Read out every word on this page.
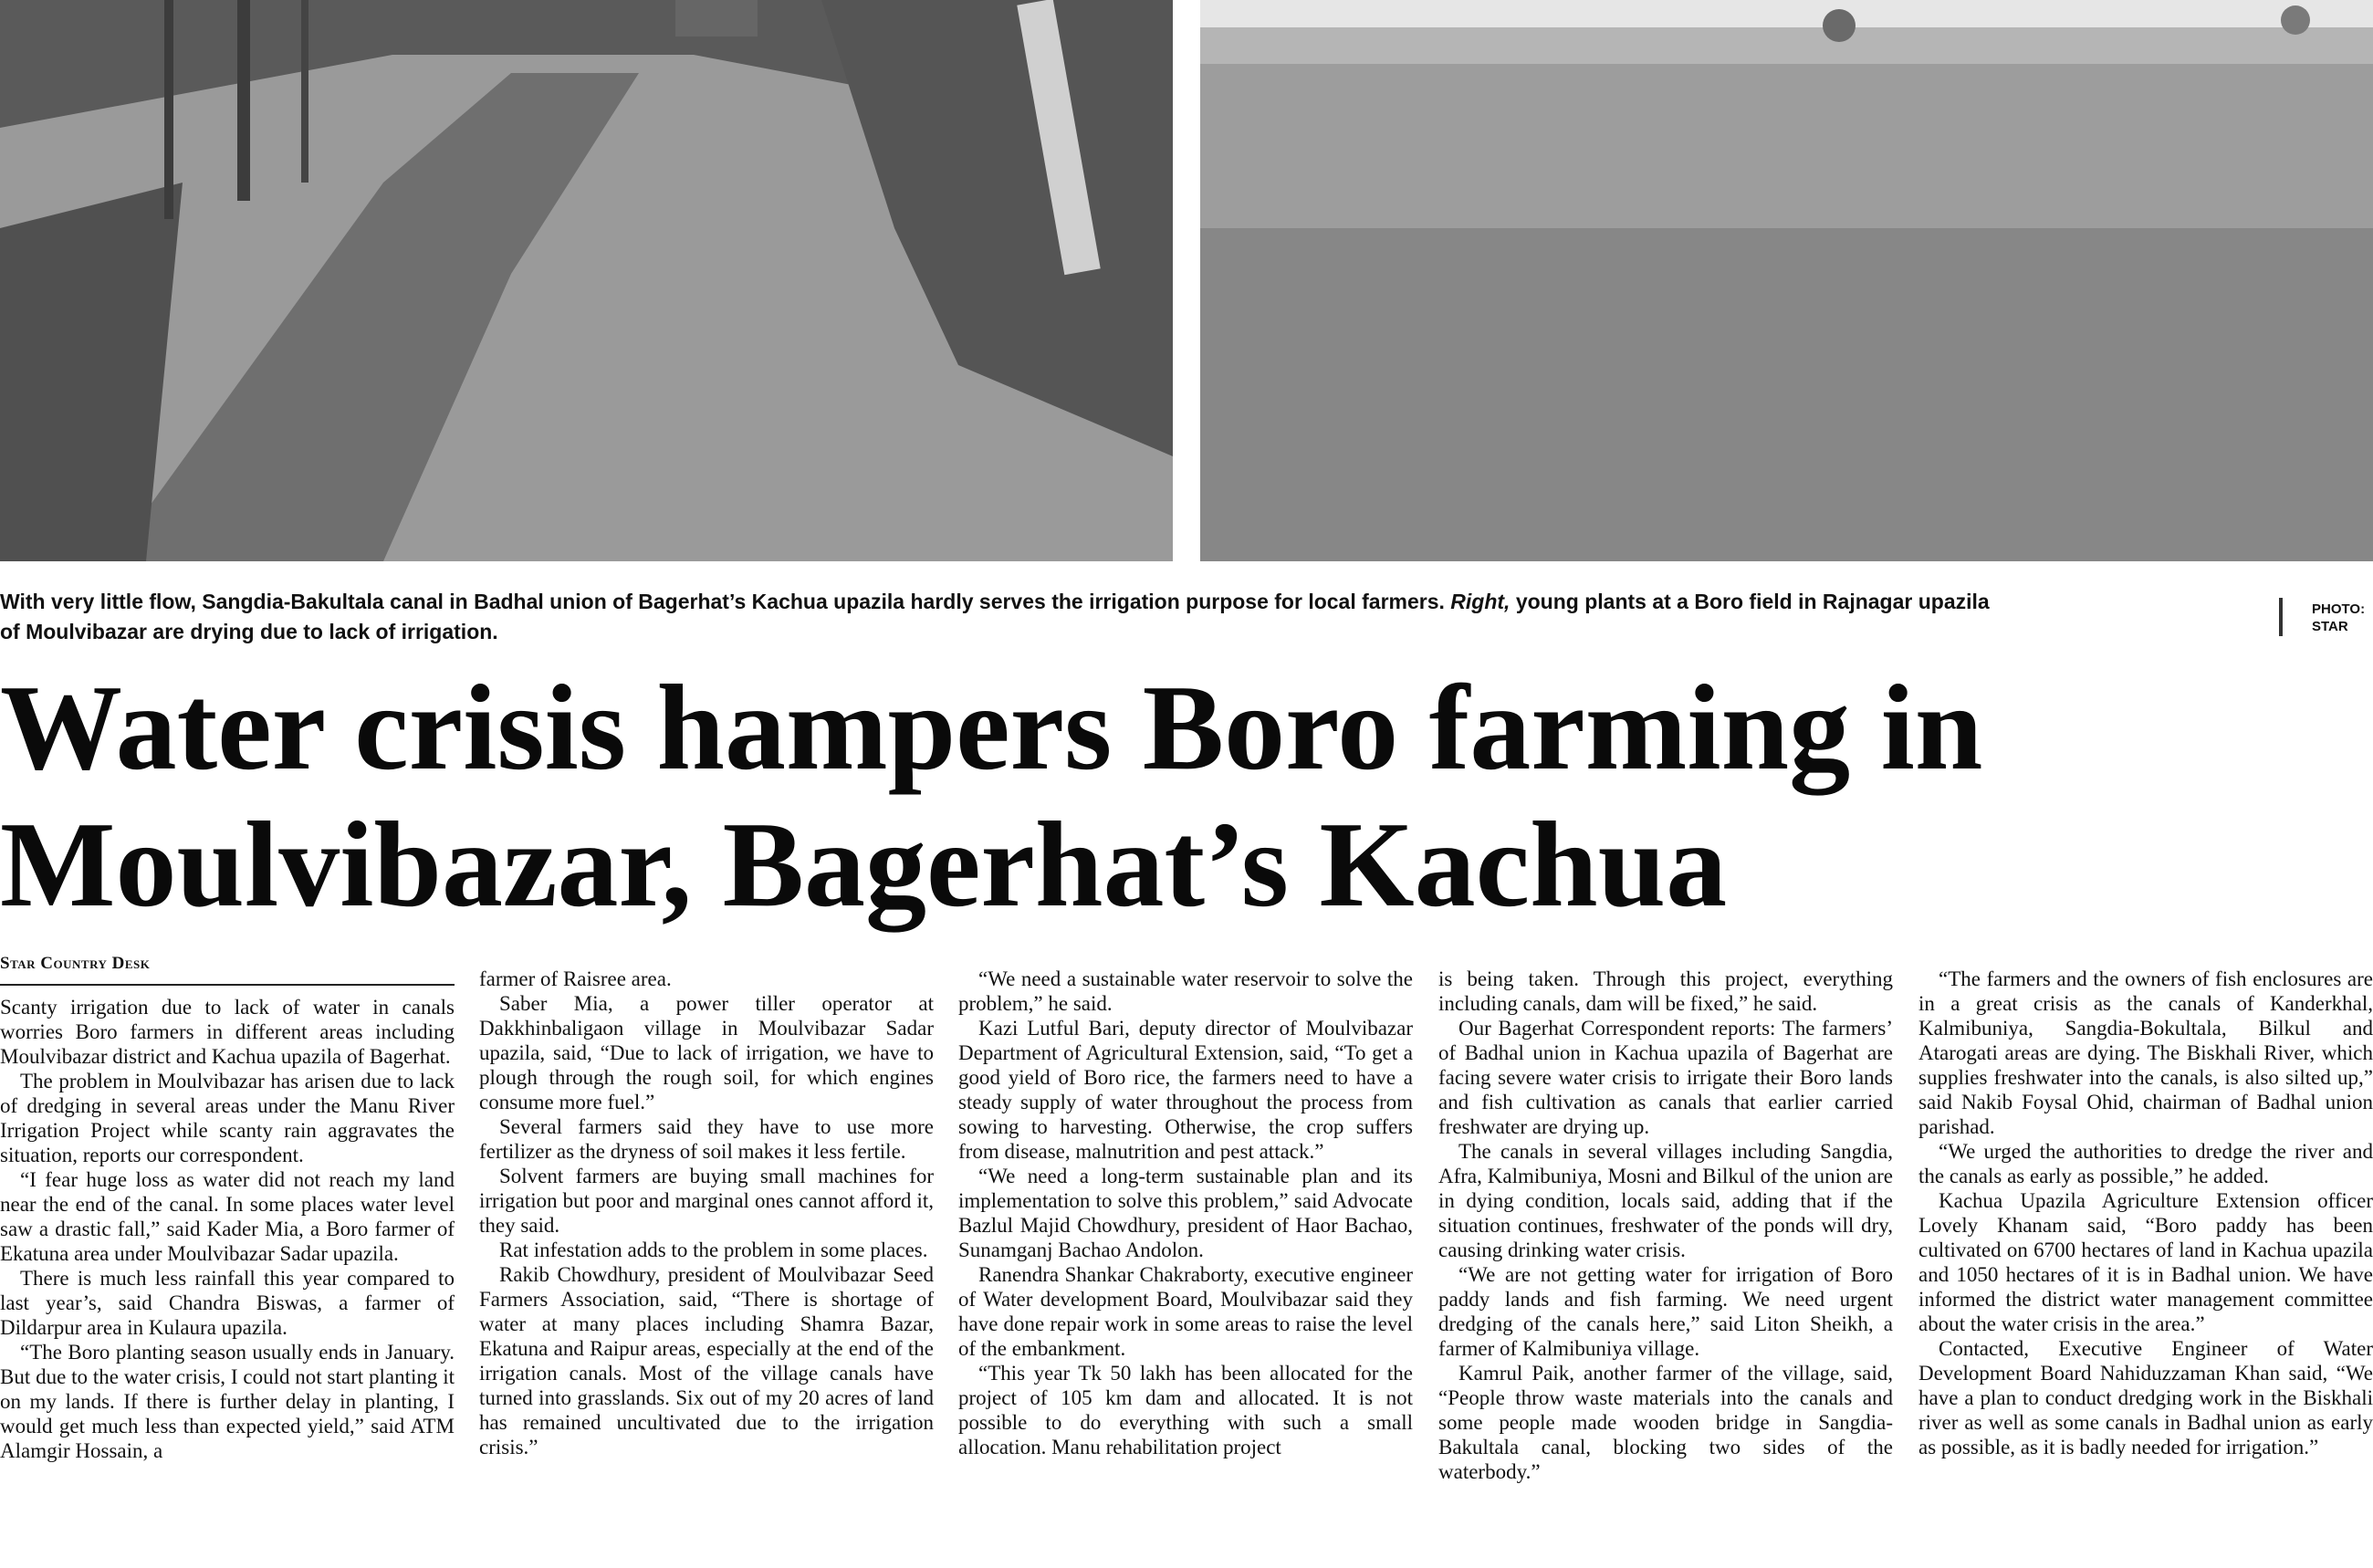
With very little flow, Sangdia-Bakultala canal in Badhal union of Bagerhat’s Kachua upazila hardly serves the irrigation purpose for local farmers. Right, young plants at a Boro field in Rajnagar upazila of Moulvibazar are drying due to lack of irrigation.
PHOTO:
STAR
Water crisis hampers Boro farming in
Moulvibazar, Bagerhat’s Kachua
Star Country Desk

Scanty irrigation due to lack of water in canals worries Boro farmers in different areas including Moulvibazar district and Kachua upazila of Bagerhat.

The problem in Moulvibazar has arisen due to lack of dredging in several areas under the Manu River Irrigation Project while scanty rain aggravates the situation, reports our correspondent.

“I fear huge loss as water did not reach my land near the end of the canal. In some places water level saw a drastic fall,” said Kader Mia, a Boro farmer of Ekatuna area under Moulvibazar Sadar upazila.

There is much less rainfall this year compared to last year’s, said Chandra Biswas, a farmer of Dildarpur area in Kulaura upazila.

“The Boro planting season usually ends in January. But due to the water crisis, I could not start planting it on my lands. If there is further delay in planting, I would get much less than expected yield,” said ATM Alamgir Hossain, a

farmer of Raisree area.

Saber Mia, a power tiller operator at Dakkhinbaligaon village in Moulvibazar Sadar upazila, said, “Due to lack of irrigation, we have to plough through the rough soil, for which engines consume more fuel.”

Several farmers said they have to use more fertilizer as the dryness of soil makes it less fertile.

Solvent farmers are buying small machines for irrigation but poor and marginal ones cannot afford it, they said.

Rat infestation adds to the problem in some places.

Rakib Chowdhury, president of Moulvibazar Seed Farmers Association, said, “There is shortage of water at many places including Shamra Bazar, Ekatuna and Raipur areas, especially at the end of the irrigation canals. Most of the village canals have turned into grasslands. Six out of my 20 acres of land has remained uncultivated due to the irrigation crisis.”

“We need a sustainable water reservoir to solve the problem,” he said.

Kazi Lutful Bari, deputy director of Moulvibazar Department of Agricultural Extension, said, “To get a good yield of Boro rice, the farmers need to have a steady supply of water throughout the process from sowing to harvesting. Otherwise, the crop suffers from disease, malnutrition and pest attack.”

“We need a long-term sustainable plan and its implementation to solve this problem,” said Advocate Bazlul Majid Chowdhury, president of Haor Bachao, Sunamganj Bachao Andolon.

Ranendra Shankar Chakraborty, executive engineer of Water development Board, Moulvibazar said they have done repair work in some areas to raise the level of the embankment.

“This year Tk 50 lakh has been allocated for the project of 105 km dam and allocated. It is not possible to do everything with such a small allocation. Manu rehabilitation project

is being taken. Through this project, everything including canals, dam will be fixed,” he said.

Our Bagerhat Correspondent reports: The farmers’ of Badhal union in Kachua upazila of Bagerhat are facing severe water crisis to irrigate their Boro lands and fish cultivation as canals that earlier carried freshwater are drying up.

The canals in several villages including Sangdia, Afra, Kalmibuniya, Mosni and Bilkul of the union are in dying condition, locals said, adding that if the situation continues, freshwater of the ponds will dry, causing drinking water crisis.

“We are not getting water for irrigation of Boro paddy lands and fish farming. We need urgent dredging of the canals here,” said Liton Sheikh, a farmer of Kalmibuniya village.

Kamrul Paik, another farmer of the village, said, “People throw waste materials into the canals and some people made wooden bridge in Sangdia-Bakultala canal, blocking two sides of the waterbody.”

“The farmers and the owners of fish enclosures are in a great crisis as the canals of Kanderkhal, Kalmibuniya, Sangdia-Bokultala, Bilkul and Atarogati areas are dying. The Biskhali River, which supplies freshwater into the canals, is also silted up,” said Nakib Foysal Ohid, chairman of Badhal union parishad.

“We urged the authorities to dredge the river and the canals as early as possible,” he added.

Kachua Upazila Agriculture Extension officer Lovely Khanam said, “Boro paddy has been cultivated on 6700 hectares of land in Kachua upazila and 1050 hectares of it is in Badhal union. We have informed the district water management committee about the water crisis in the area.”

Contacted, Executive Engineer of Water Development Board Nahiduzzaman Khan said, “We have a plan to conduct dredging work in the Biskhali river as well as some canals in Badhal union as early as possible, as it is badly needed for irrigation.”
